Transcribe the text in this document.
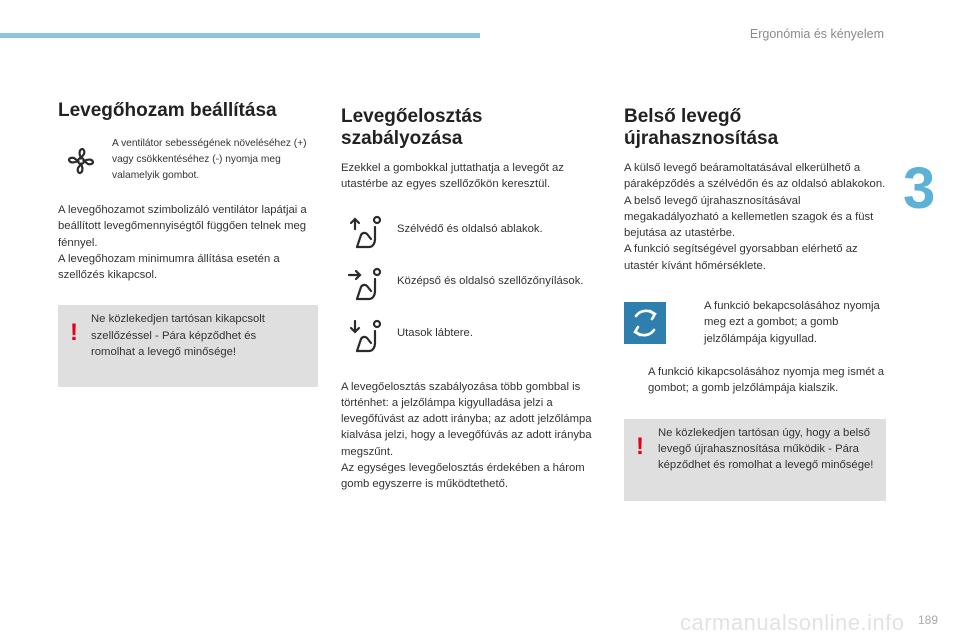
Ergonómia és kényelem
3
Levegőhozam beállítása

A ventilátor sebességének növeléséhez (+) vagy csökkentéséhez (-) nyomja meg valamelyik gombot.

A levegőhozamot szimbolizáló ventilátor lapátjai a beállított levegőmennyiségtől függően telnek meg fénnyel.

A levegőhozam minimumra állítása esetén a szellőzés kikapcsol.

! Ne közlekedjen tartósan kikapcsolt szellőzéssel - Pára képződhet és romolhat a levegő minősége!

Levegőelosztás
szabályozása

Ezekkel a gombokkal juttathatja a levegőt az utastérbe az egyes szellőzőkön keresztül.

Szélvédő és oldalsó ablakok.

Középső és oldalsó szellőzőnyílások.

Utasok lábtere.

A levegőelosztás szabályozása több gombbal is történhet: a jelzőlámpa kigyulladása jelzi a levegőfúvást az adott irányba; az adott jelzőlámpa kialvása jelzi, hogy a levegőfúvás az adott irányba megszűnt.

Az egységes levegőelosztás érdekében a három gomb egyszerre is működtethető.

Belső levegő
újrahasznosítása

A külső levegő beáramoltatásával elkerülhető a páraképződés a szélvédőn és az oldalsó ablakokon.

A belső levegő újrahasznosításával megakadályozható a kellemetlen szagok és a füst bejutása az utastérbe.

A funkció segítségével gyorsabban elérhető az utastér kívánt hőmérséklete.

A funkció bekapcsolásához nyomja meg ezt a gombot; a gomb jelzőlámpája kigyullad.

A funkció kikapcsolásához nyomja meg ismét a gombot; a gomb jelzőlámpája kialszik.

! Ne közlekedjen tartósan úgy, hogy a belső levegő újrahasznosítása működik - Pára képződhet és romolhat a levegő minősége!

carmanualsonline.info 189
